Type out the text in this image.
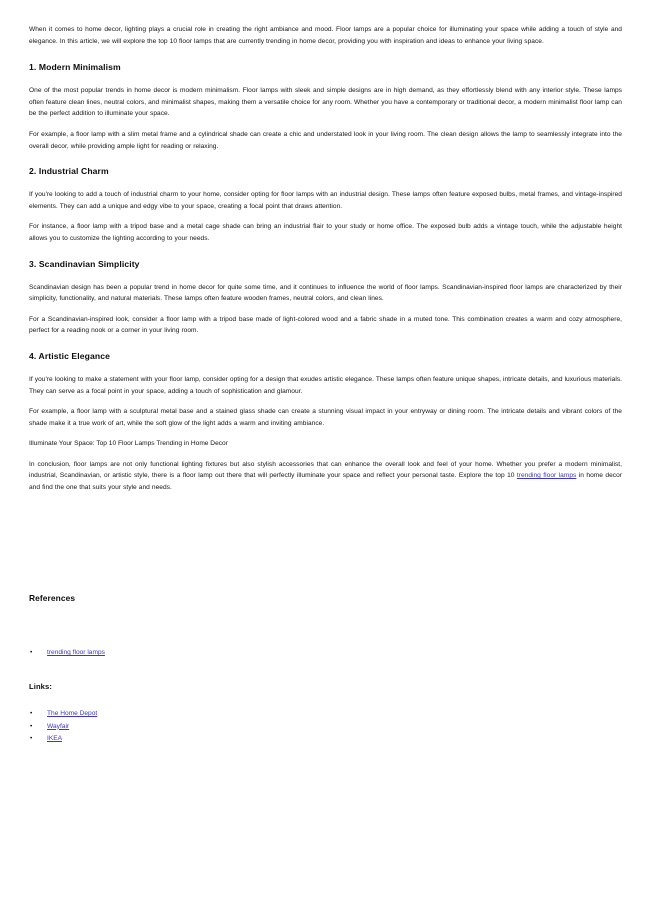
When it comes to home decor, lighting plays a crucial role in creating the right ambiance and mood. Floor lamps are a popular choice for illuminating your space while adding a touch of style and elegance. In this article, we will explore the top 10 floor lamps that are currently trending in home decor, providing you with inspiration and ideas to enhance your living space.

1. Modern Minimalism

One of the most popular trends in home decor is modern minimalism. Floor lamps with sleek and simple designs are in high demand, as they effortlessly blend with any interior style. These lamps often feature clean lines, neutral colors, and minimalist shapes, making them a versatile choice for any room. Whether you have a contemporary or traditional decor, a modern minimalist floor lamp can be the perfect addition to illuminate your space.

For example, a floor lamp with a slim metal frame and a cylindrical shade can create a chic and understated look in your living room. The clean design allows the lamp to seamlessly integrate into the overall decor, while providing ample light for reading or relaxing.

2. Industrial Charm

If you're looking to add a touch of industrial charm to your home, consider opting for floor lamps with an industrial design. These lamps often feature exposed bulbs, metal frames, and vintage-inspired elements. They can add a unique and edgy vibe to your space, creating a focal point that draws attention.

For instance, a floor lamp with a tripod base and a metal cage shade can bring an industrial flair to your study or home office. The exposed bulb adds a vintage touch, while the adjustable height allows you to customize the lighting according to your needs.

3. Scandinavian Simplicity

Scandinavian design has been a popular trend in home decor for quite some time, and it continues to influence the world of floor lamps. Scandinavian-inspired floor lamps are characterized by their simplicity, functionality, and natural materials. These lamps often feature wooden frames, neutral colors, and clean lines.

For a Scandinavian-inspired look, consider a floor lamp with a tripod base made of light-colored wood and a fabric shade in a muted tone. This combination creates a warm and cozy atmosphere, perfect for a reading nook or a corner in your living room.

4. Artistic Elegance

If you're looking to make a statement with your floor lamp, consider opting for a design that exudes artistic elegance. These lamps often feature unique shapes, intricate details, and luxurious materials. They can serve as a focal point in your space, adding a touch of sophistication and glamour.

For example, a floor lamp with a sculptural metal base and a stained glass shade can create a stunning visual impact in your entryway or dining room. The intricate details and vibrant colors of the shade make it a true work of art, while the soft glow of the light adds a warm and inviting ambiance.

Illuminate Your Space: Top 10 Floor Lamps Trending in Home Decor

In conclusion, floor lamps are not only functional lighting fixtures but also stylish accessories that can enhance the overall look and feel of your home. Whether you prefer a modern minimalist, industrial, Scandinavian, or artistic style, there is a floor lamp out there that will perfectly illuminate your space and reflect your personal taste. Explore the top 10 trending floor lamps in home decor and find the one that suits your style and needs.

References
• trending floor lamps
Links:
• The Home Depot
• Wayfair
• IKEA
